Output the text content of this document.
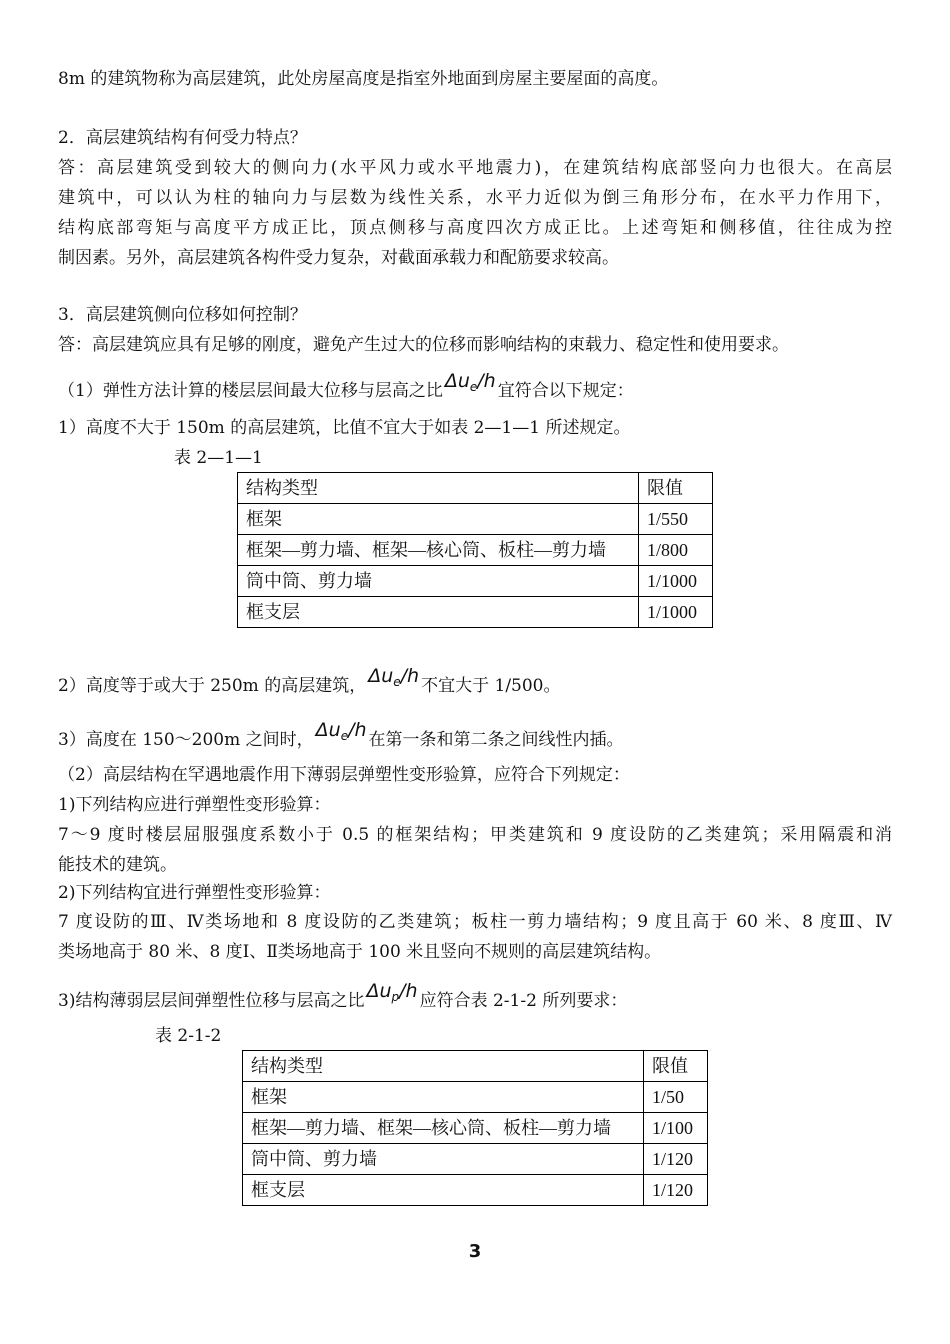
8m 的建筑物称为高层建筑，此处房屋高度是指室外地面到房屋主要屋面的高度。
2．高层建筑结构有何受力特点？
答：高层建筑受到较大的侧向力(水平风力或水平地震力)，在建筑结构底部竖向力也很大。在高层
建筑中，可以认为柱的轴向力与层数为线性关系，水平力近似为倒三角形分布，在水平力作用下，
结构底部弯矩与高度平方成正比，顶点侧移与高度四次方成正比。上述弯矩和侧移值，往往成为控
制因素。另外，高层建筑各构件受力复杂，对截面承载力和配筋要求较高。
3．高层建筑侧向位移如何控制？
答：高层建筑应具有足够的刚度，避免产生过大的位移而影响结构的束载力、稳定性和使用要求。
（1）弹性方法计算的楼层层间最大位移与层高之比 $\Delta u_e/h$ 宜符合以下规定：
1）高度不大于 150m 的高层建筑，比值不宜大于如表 2—1—1 所述规定。
表 2—1—1
结构类型	限值
框架	1/550
框架—剪力墙、框架—核心筒、板柱—剪力墙	1/800
筒中筒、剪力墙	1/1000
框支层	1/1000
2）高度等于或大于 250m 的高层建筑， $\Delta u_e/h$ 不宜大于 1/500。
3）高度在 150～200m 之间时， $\Delta u_e/h$ 在第一条和第二条之间线性内插。
（2）高层结构在罕遇地震作用下薄弱层弹塑性变形验算，应符合下列规定：
1)下列结构应进行弹塑性变形验算：
7～9 度时楼层屈服强度系数小于 0.5 的框架结构；甲类建筑和 9 度设防的乙类建筑；采用隔震和消
能技术的建筑。
2)下列结构宜进行弹塑性变形验算：
7 度设防的Ⅲ、Ⅳ类场地和 8 度设防的乙类建筑；板柱一剪力墙结构；9 度且高于 60 米、8 度Ⅲ、Ⅳ
类场地高于 80 米、8 度Ⅰ、Ⅱ类场地高于 100 米且竖向不规则的高层建筑结构。
3)结构薄弱层层间弹塑性位移与层高之比 $\Delta u_p/h$ 应符合表 2-1-2 所列要求：
表 2-1-2
结构类型	限值
框架	1/50
框架—剪力墙、框架—核心筒、板柱—剪力墙	1/100
筒中筒、剪力墙	1/120
框支层	1/120
3
